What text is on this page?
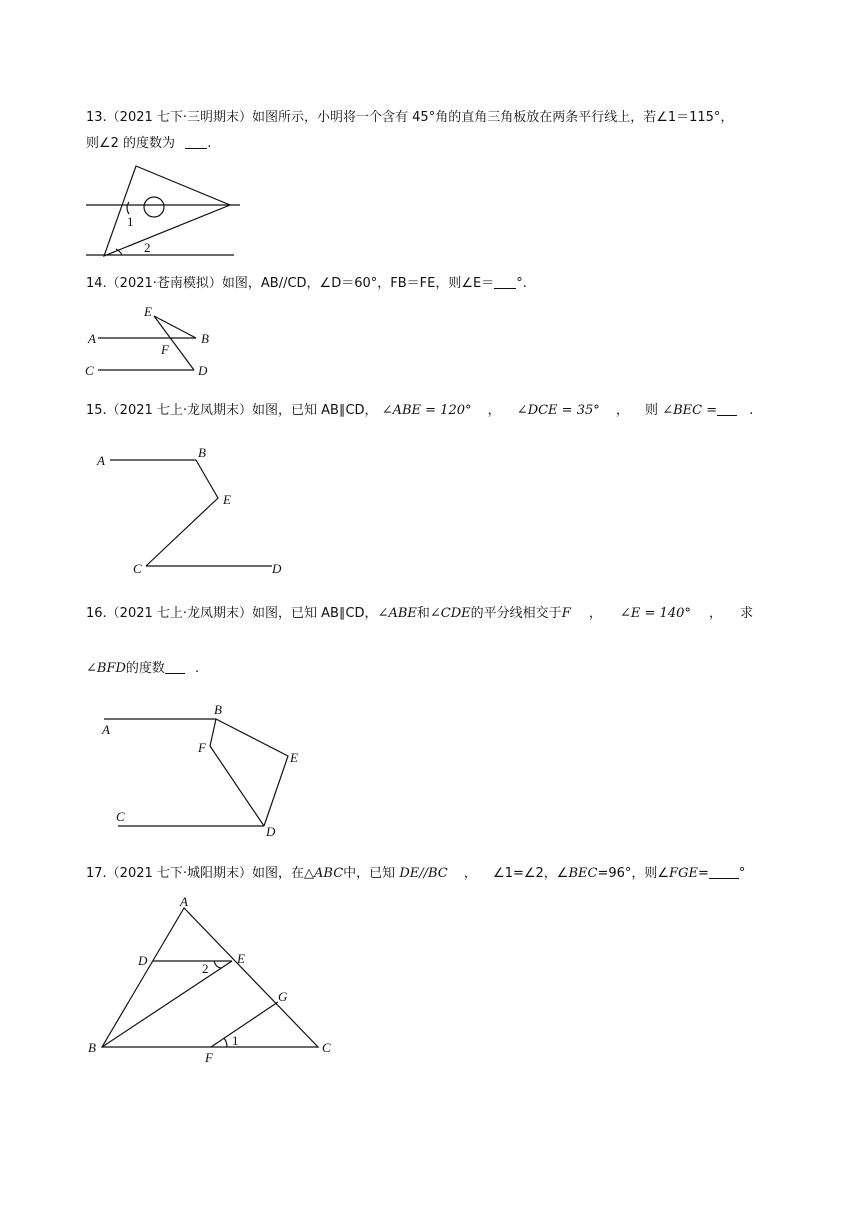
13.（2021 七下·三明期末）如图所示，小明将一个含有 45°角的直角三角板放在两条平行线上，若∠1＝115°，
则∠2 的度数为 .
1
2
14.（2021·苍南模拟）如图，AB//CD，∠D＝60°，FB＝FE，则∠E＝ °.
E
B
A
F
C	D
15.（2021 七上·龙凤期末）如图，已知 AB∥CD， ∠ABE = 120° ， ∠DCE = 35° ， 则 ∠BEC = .
A
B
E
C	D
16.（2021 七上·龙凤期末）如图，已知 AB∥CD，∠ABE和∠CDE的平分线相交于F ， ∠E = 140° ， 求
∠BFD的度数 .
A
B
F
E
C
D
17.（2021 七下·城阳期末）如图，在△ABC中，已知 DE//BC ， ∠1=∠2，∠BEC=96°，则∠FGE= °
A
D	E
G
B
F
C
1
2
